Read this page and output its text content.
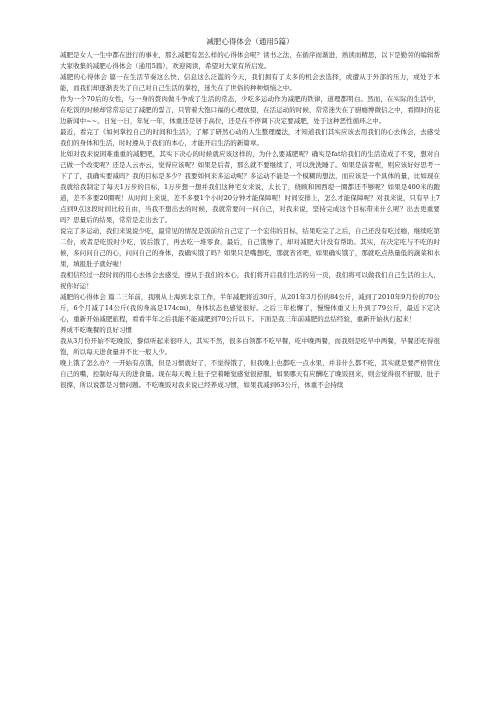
减肥心得体会（通用5篇）

减肥是女人一生中都在进行的事业，那么减肥有怎么样的心得体会呢？读书之法，在循序而渐进，熟读而精思，以下是勤劳的编辑帮大家收集的减肥心得体会（通用5篇），欢迎阅读，希望对大家有所启发。

减肥的心得体会 篇一在生活节奏这么快、信息这么泛滥的今天，我们拥有了太多的机会去选择，或遭从于外部的压力，或处于本能，而我们却逐渐丧失了自己对自己生活的掌控，迷失在了世俗的种种烦恼之中。

作为一个70后的女性，与一身的赘肉做斗争成了生活的常态，少吃多运动作为减肥的铁律，道理都明白。然而，在实际的生活中，在吃饭的时候却常常忘记了减肥的誓言，只管着大饱口福的心理放望，在活运动的时候，常常迷失在了厨瘾博微信之中，看圆时的花边新闻中~~。日复一日，年复一年，体重还是居于高位，还是在不停调下决定要减肥，处于这种恶性循环之中。

最近，看完了《如何掌控自己的时间和生活》，了解了研然心动的人生整理魔法，才知道我们其实应该去用我们的心去体会，去感受我们的身体和生活，时时遵从于我们的本心，才能开启生活的新篇章。

比如对我来说困难重重的减肥吧，其实下决心的时候就应该这样的，为什么要减肥呢？确实是fat给我们的生活造成了不变，想对自己做一个改变呢？还是人云亦云，觉得应该呢？如果是后者，那么就不要继续了，可以洗洗睡了。如果是前者呢，则应该好好思考一下了了，我确实要减吗？我的目标是多少？我要如何来多运动呢？多运动不能是一个模糊的想法，而应该是一个具体的量，比如现在我就给我制定了每天1万步的目标，1万步想一想并我们这种宅女来说，太长了，绕顾和园西堤一圈都还不够呢？如果是400米的跑道，差不多要20圈呢！从时间上来说，差不多要1个小时20分钟才能保障呢！时间安排上，怎么才能保障呢？对我来说，只有早上7点到9点这段时间比较自由，当我不想出去的时候，我就常要问一问自己，对我来说，坚持完成这个目标带来什么呢？出去更重要吗？思量后的结果，常常是走出去了。

说完了多运动，我们来说说少吃，最常见的情况是饭前给自己定了一个宏伟的目标，结果吃完了之后，自己还没有吃过瘾，继续吃第二份，或者是吃饭时少吃，饭后饿了，再去吃一堆零食，最后，自己饿惨了，却对减肥大计没有帮助。其实，在决定吃与不吃的时候，多问问自己的心，问问自己的身体，我确实饿了吗？如果只是嘴想吃，那就省省吧，如果确实饿了，那就吃点热量低的蔬菜和水果，填报肚子就好啦！

我相信经过一段时间的用心去体会去感受，遵从于我们的本心，我们将开启我们生活的另一页，我们将可以做我们自己生活的主人，祝你好运！

减肥的心得体会 篇二三年前，我刚从上海到北京工作，半年减肥将近30斤，从201年3月份的84公斤，减到了2010年9月份的70公斤，6个月减了14公斤(我的身高是174cm)，身体状态也感觉很好。之后三年松懈了，慢慢体重又上升到了79公斤，最近下定决心，重新开始减肥旅程，看看半年之后我能不能减肥到70公斤以下。下面是我三年前减肥的总结经验，重新开始执行起来！

养成不吃晚餐的良好习惯

我从3月份开始不吃晚饭，黎似听起来很吓人，其实不然，很多白领都不吃早餐，吃中晚两餐，而我则是吃早中两餐，早餐还吃得很饱，所以每天进食量并不比一般人少。

晚上饿了怎么办？一开始有点饿，但是习惯就好了，不觉得饿了，但我晚上也都吃一点水果，并非什么都不吃，其实就是要严格管住自己的嘴，控制好每天的进食量。现在每天晚上肚子空着睡觉感觉很舒服，如果哪天有应酬吃了晚饭回来，则会觉得很不舒服，肚子很撑，所以说都是习惯问题。不吃晚饭对我来说已经养成习惯，如果我减到63公斤，体重不会持续
